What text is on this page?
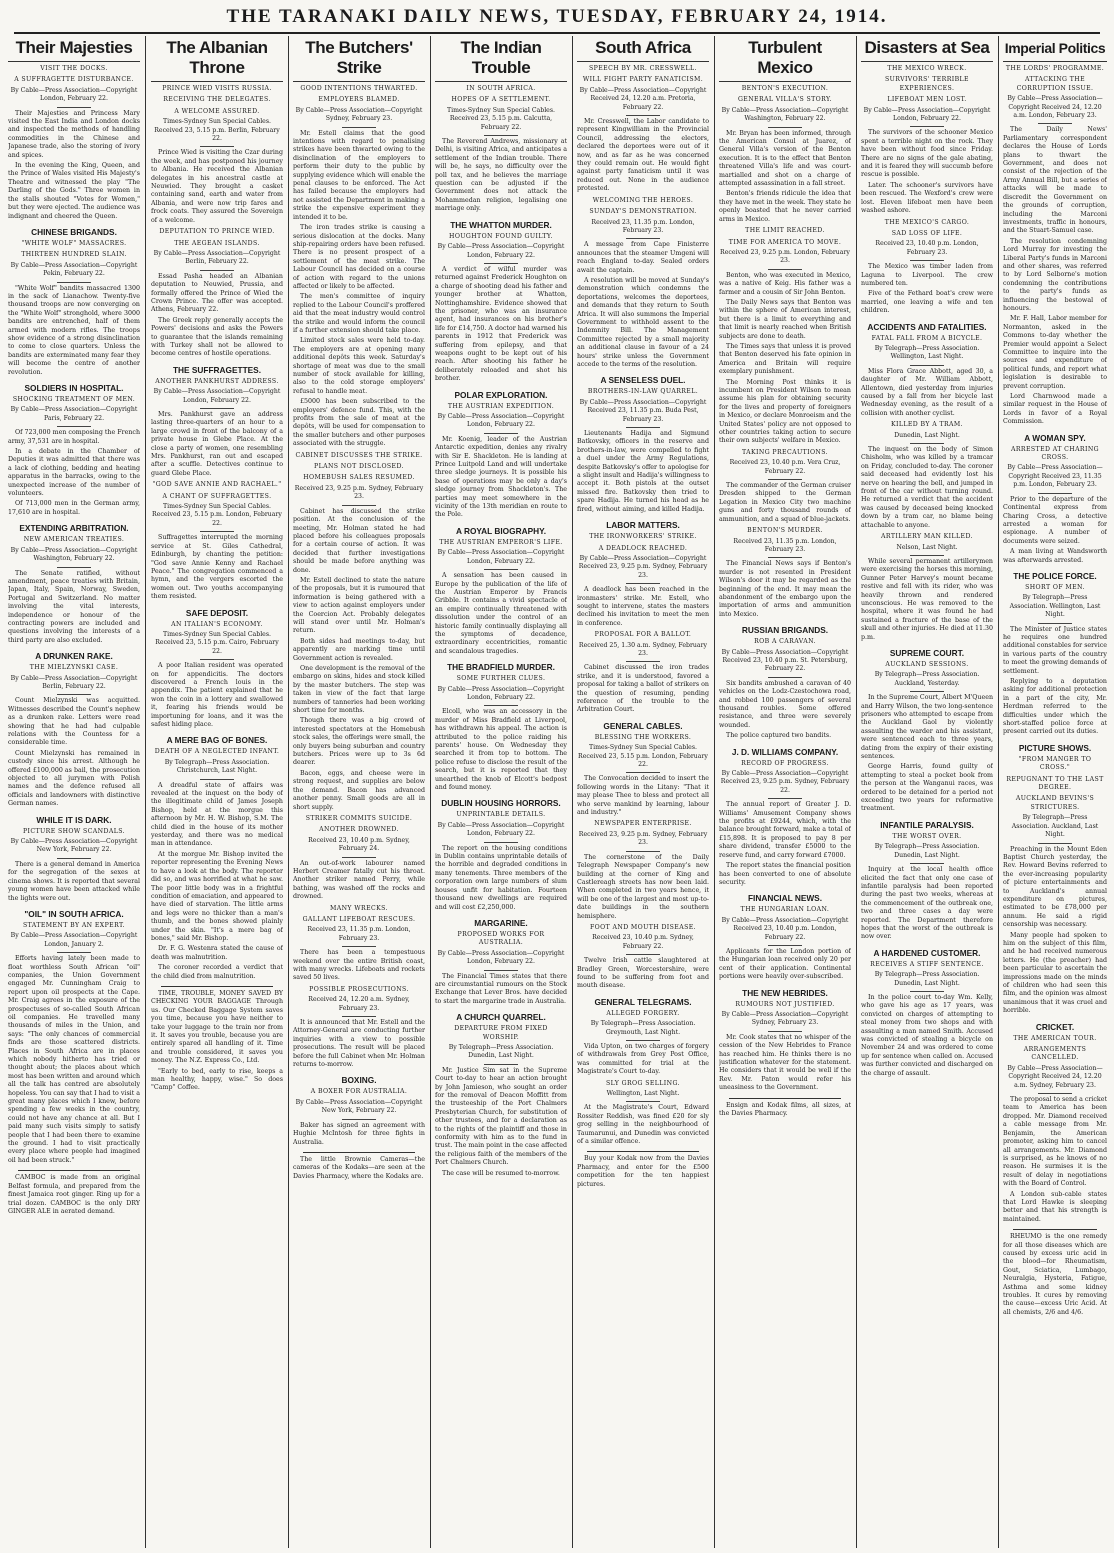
THE TARANAKI DAILY NEWS, TUESDAY, FEBRUARY 24, 1914.
Their Majesties
VISIT THE DOCKS.
A SUFFRAGETTE DISTURBANCE.
By Cable—Press Association—Copyright London, February 22.

Their Majesties and Princess Mary visited the East India and London docks and inspected the methods of handling commodities in the Chinese and Japanese trade, also the storing of ivory and spices.

In the evening the King, Queen, and the Prince of Wales visited His Majesty's Theatre and witnessed the play "The Darling of the Gods." Three women in the stalls shouted "Votes for Women," but they were ejected. The audience was indignant and cheered the Queen.

CHINESE BRIGANDS.
"WHITE WOLF" MASSACRES.
THIRTEEN HUNDRED SLAIN.
By Cable—Press Association—Copyright Pekin, February 22.

"White Wolf" bandits massacred 1300 in the sack of Lianachow. Twenty-five thousand troops are now converging on the "White Wolf" stronghold, where 3000 bandits are entrenched, half of them armed with modern rifles. The troops show evidence of a strong disinclination to come to close quarters. Unless the bandits are exterminated many fear they will become the centre of another revolution.

SOLDIERS IN HOSPITAL.
SHOCKING TREATMENT OF MEN.
By Cable—Press Association—Copyright Paris, February 22.

Of 723,000 men composing the French army, 37,531 are in hospital.

In a debate in the Chamber of Deputies it was admitted that there was a lack of clothing, bedding and heating apparatus in the barracks, owing to the unexpected increase of the number of volunteers.

Of 713,000 men in the German army, 17,610 are in hospital.

EXTENDING ARBITRATION.
NEW AMERICAN TREATIES.
By Cable—Press Association—Copyright Washington, February 22.

The Senate ratified, without amendment, peace treaties with Britain, Japan, Italy, Spain, Norway, Sweden, Portugal and Switzerland. No matter involving the vital interests, independence or honour of the contracting powers are included and questions involving the interests of a third party are also excluded.

A DRUNKEN RAKE.
THE MIELZYNSKI CASE.
By Cable—Press Association—Copyright Berlin, February 22.

Count Mielzynski was acquitted. Witnesses described the Count's nephew as a drunken rake. Letters were read showing that he had had culpable relations with the Countess for a considerable time.

Count Mielzynski has remained in custody since his arrest. Although he offered £100,000 as bail, the prosecution objected to all jurymen with Polish names and the defence refused all officials and landowners with distinctive German names.

WHILE IT IS DARK.
PICTURE SHOW SCANDALS.
By Cable—Press Association—Copyright New York, February 22.

There is a general demand in America for the segregation of the sexes at cinema shows. It is reported that several young women have been attacked while the lights were out.

"OIL" IN SOUTH AFRICA.
STATEMENT BY AN EXPERT.
By Cable—Press Association—Copyright London, January 2.

Efforts having lately been made to float worthless South African "oil" companies, the Union Government engaged Mr. Cunningham Craig to report upon oil prospects at the Cape. Mr. Craig agrees in the exposure of the prospectuses of so-called South African oil companies. He travelled many thousands of miles in the Union, and says: "The only chances of commercial finds are those scattered districts. Places in South Africa are in places which nobody hitherto has tried or thought about; the places about which most has been written and around which all the talk has centred are absolutely hopeless. You can say that I had to visit a great many places which I knew, before spending a few weeks in the country, could not have any chance at all. But I paid many such visits simply to satisfy people that I had been there to examine the ground. I had to visit practically every place where people had imagined oil had been struck."

CAMBOC is made from an original Belfast formula, and prepared from the finest Jamaica root ginger. Ring up for a trial dozen. CAMBOC is the only DRY GINGER ALE in aerated demand.

The Albanian Throne
PRINCE WIED VISITS RUSSIA.
RECEIVING THE DELEGATES.
A WELCOME ASSURED.
Times-Sydney Sun Special Cables. Received 23, 5.15 p.m. Berlin, February 22.

Prince Wied is visiting the Czar during the week, and has postponed his journey to Albania. He received the Albanian delegates in his ancestral castle at Neuwied. They brought a casket containing sand, earth and water from Albania, and were now trip fares and frock coats. They assured the Sovereign of a welcome.

DEPUTATION TO PRINCE WIED.
THE AEGEAN ISLANDS.
By Cable—Press Association—Copyright Berlin, February 22.

Essad Pasha headed an Albanian deputation to Neuwied, Prussia, and formally offered the Prince of Wied the Crown Prince. The offer was accepted. Athens, February 22.

The Greek reply generally accepts the Powers' decisions and asks the Powers to guarantee that the islands remaining with Turkey shall not be allowed to become centres of hostile operations.

THE SUFFRAGETTES.
ANOTHER PANKHURST ADDRESS.
By Cable—Press Association—Copyright London, February 22.

Mrs. Pankhurst gave an address lasting three-quarters of an hour to a large crowd in front of the balcony of a private house in Glebe Place. At the close a party of women, one resembling Mrs. Pankhurst, ran out and escaped after a scuffle. Detectives continue to guard Glebe Place.

"GOD SAVE ANNIE AND RACHAEL."
A CHANT OF SUFFRAGETTES.
Times-Sydney Sun Special Cables. Received 23, 5.15 p.m. London, February 22.

Suffragettes interrupted the morning service at St. Giles Cathedral, Edinburgh, by chanting the petition: "God save Annie Kenny and Rachael Peace." The congregation commenced a hymn, and the vergers escorted the women out. Two youths accompanying them resisted.

SAFE DEPOSIT.
AN ITALIAN'S ECONOMY.
Times-Sydney Sun Special Cables. Received 23, 5.15 p.m. Cairo, February 22.

A poor Italian resident was operated on for appendicitis. The doctors discovered a French louis in the appendix. The patient explained that he won the coin in a lottery and swallowed it, fearing his friends would be importuning for loans, and it was the safest hiding place.

A MERE BAG OF BONES.
DEATH OF A NEGLECTED INFANT.
By Telegraph—Press Association. Christchurch, Last Night.

A dreadful state of affairs was revealed at the inquest on the body of the illegitimate child of James Joseph Bishop, held at the morgue this afternoon by Mr. H. W. Bishop, S.M. The child died in the house of its mother yesterday, and there was no medical man in attendance.

At the morgue Mr. Bishop invited the reporter representing the Evening News to have a look at the body. The reporter did so, and was horrified at what he saw. The poor little body was in a frightful condition of emaciation, and appeared to have died of starvation. The little arms and legs were no thicker than a man's thumb, and the bones showed plainly under the skin. "It's a mere bag of bones," said Mr. Bishop.

Dr. F. G. Westenra stated the cause of death was malnutrition.

The coroner recorded a verdict that the child died from malnutrition.

TIME, TROUBLE, MONEY SAVED BY CHECKING YOUR BAGGAGE Through us. Our Checked Baggage System saves you time, because you have neither to take your luggage to the train nor from it. It saves you trouble, because you are entirely spared all handling of it. Time and trouble considered, it saves you money. The N.Z. Express Co., Ltd.

"Early to bed, early to rise, keeps a man healthy, happy, wise." So does "Camp" Coffee.

The Butchers' Strike
GOOD INTENTIONS THWARTED.
EMPLOYERS BLAMED.
By Cable—Press Association—Copyright Sydney, February 23.

Mr. Estell claims that the good intentions with regard to penalising strikes have been thwarted owing to the disinclination of the employers to perform their duty to the public by supplying evidence which will enable the penal clauses to be enforced. The Act has failed because the employers had not assisted the Department in making a strike the expensive experiment they intended it to be.

The iron trades strike is causing a serious dislocation at the docks. Many ship-repairing orders have been refused. There is no present prospect of a settlement of the meat strike. The Labour Council has decided on a course of action with regard to the unions affected or likely to be affected.

The men's committee of inquiry replied to the Labour Council's proffered aid that the meat industry would control the strike and would inform the council if a further extension should take place.

Limited stock sales were held to-day. The employers are at opening many additional depôts this week. Saturday's shortage of meat was due to the small number of stock available for killing, also to the cold storage employers' refusal to handle meat.

£5000 has been subscribed to the employers' defence fund. This, with the profits from the sale of meat at the depôts, will be used for compensation to the smaller butchers and other purposes associated with the struggle.

CABINET DISCUSSES THE STRIKE.
PLANS NOT DISCLOSED.
HOMEBUSH SALES RESUMED.
Received 23, 9.25 p.m. Sydney, February 23.

Cabinet has discussed the strike position. At the conclusion of the meeting, Mr. Holman stated he had placed before his colleagues proposals for a certain course of action. It was decided that further investigations should be made before anything was done.

Mr. Estell declined to state the nature of the proposals, but it is rumoured that information is being gathered with a view to action against employers under the Coercion Act. Probably delegates will stand over until Mr. Holman's return.

Both sides had meetings to-day, but apparently are marking time until Government action is revealed.

One development is the removal of the embargo on skins, hides and stock killed by the master butchers. The step was taken in view of the fact that large numbers of tanneries had been working short time for months.

Though there was a big crowd of interested spectators at the Homebush stock sales, the offerings were small, the only buyers being suburban and country butchers. Prices were up to 3s 6d dearer.

Bacon, eggs, and cheese were in strong request, and supplies are below the demand. Bacon has advanced another penny. Small goods are all in short supply.

STRIKER COMMITS SUICIDE.
ANOTHER DROWNED.
Received 23, 10.40 p.m. Sydney, February 24.

An out-of-work labourer named Herbert Creamer fatally cut his throat. Another striker named Perry, while bathing, was washed off the rocks and drowned.

MANY WRECKS.
GALLANT LIFEBOAT RESCUES.
Received 23, 11.35 p.m. London, February 23.

There has been a tempestuous weekend over the entire British coast, with many wrecks. Lifeboats and rockets saved 50 lives.

POSSIBLE PROSECUTIONS.
Received 24, 12.20 a.m. Sydney, February 23.

It is announced that Mr. Estell and the Attorney-General are conducting further inquiries with a view to possible prosecutions. The result will be placed before the full Cabinet when Mr. Holman returns to-morrow.

BOXING.
A BOXER FOR AUSTRALIA.
By Cable—Press Association—Copyright New York, February 22.

Baker has signed an agreement with Hughie McIntosh for three fights in Australia.

The little Brownie Cameras—the cameras of the Kodaks—are seen at the Davies Pharmacy, where the Kodaks are.

The Indian Trouble
IN SOUTH AFRICA.
HOPES OF A SETTLEMENT.
Times-Sydney Sun Special Cables. Received 23, 5.15 p.m. Calcutta, February 22.

The Reverend Andrews, missionary at Delhi, is visiting Africa, and anticipates a settlement of the Indian trouble. There will be, he says, no difficulty over the poll tax, and he believes the marriage question can be adjusted if the Government does not attack the Mohammedan religion, legalising one marriage only.

THE WHATTON MURDER.
HOUGHTON FOUND GUILTY.
By Cable—Press Association—Copyright London, February 22.

A verdict of wilful murder was returned against Frederick Houghton on a charge of shooting dead his father and younger brother at Whatton, Nottinghamshire. Evidence showed that the prisoner, who was an insurance agent, had insurances on his brother's life for £14,750. A doctor had warned his parents in 1912 that Frederick was suffering from epilepsy, and that weapons ought to be kept out of his reach. After shooting his father he deliberately reloaded and shot his brother.

POLAR EXPLORATION.
THE AUSTRIAN EXPEDITION.
By Cable—Press Association—Copyright London, February 22.

Mr. Koenig, leader of the Austrian Antarctic expedition, denies any rivalry with Sir E. Shackleton. He is landing at Prince Luitpold Land and will undertake three sledge journeys. It is possible his base of operations may be only a day's sledge journey from Shackleton's. The parties may meet somewhere in the vicinity of the 13th meridian en route to the Pole.

A ROYAL BIOGRAPHY.
THE AUSTRIAN EMPEROR'S LIFE.
By Cable—Press Association—Copyright London, February 22.

A sensation has been caused in Europe by the publication of the life of the Austrian Emperor by Francis Gribble. It contains a vivid spectacle of an empire continually threatened with dissolution under the control of an historic family continually displaying all the symptoms of decadence, extraordinary eccentricities, romantic and scandalous tragedies.

THE BRADFIELD MURDER.
SOME FURTHER CLUES.
By Cable—Press Association—Copyright London, February 22.

Elcoll, who was an accessory in the murder of Miss Bradfield at Liverpool, has withdrawn his appeal. The action is attributed to the police raiding his parents' house. On Wednesday they searched it from top to bottom. The police refuse to disclose the result of the search, but it is reported that they unearthed the knob of Elcott's bedpost and found money.

DUBLIN HOUSING HORRORS.
UNPRINTABLE DETAILS.
By Cable—Press Association—Copyright London, February 22.

The report on the housing conditions in Dublin contains unprintable details of the horrible and degraded conditions in many tenements. Three members of the corporation own large numbers of slum houses unfit for habitation. Fourteen thousand new dwellings are required and will cost £2,250,000.

MARGARINE.
PROPOSED WORKS FOR AUSTRALIA.
By Cable—Press Association—Copyright London, February 22.

The Financial Times states that there are circumstantial rumours on the Stock Exchange that Lever Bros. have decided to start the margarine trade in Australia.

A CHURCH QUARREL.
DEPARTURE FROM FIXED WORSHIP.
By Telegraph—Press Association. Dunedin, Last Night.

Mr. Justice Sim sat in the Supreme Court to-day to hear an action brought by John Jamieson, who sought an order for the removal of Deacon Moffitt from the trusteeship of the Port Chalmers Presbyterian Church, for substitution of other trustees, and for a declaration as to the rights of the plaintiff and those in conformity with him as to the fund in trust. The main point in the case affected the religious faith of the members of the Port Chalmers Church.

The case will be resumed to-morrow.

South Africa
SPEECH BY MR. CRESSWELL.
WILL FIGHT PARTY FANATICISM.
By Cable—Press Association—Copyright Received 24, 12.20 a.m. Pretoria, February 22.

Mr. Cresswell, the Labor candidate to represent Kingwilliam in the Provincial Council, addressing the electors, declared the deportees were out of it now, and as far as he was concerned they could remain out. He would fight against party fanaticism until it was reduced out. None in the audience protested.

WELCOMING THE HEROES.
SUNDAY'S DEMONSTRATION.
Received 23, 11.35 p.m. London, February 23.

A message from Cape Finisterre announces that the steamer Umgeni will reach England to-day. Sealed orders await the captain.

A resolution will be moved at Sunday's demonstration which condemns the deportations, welcomes the deportees, and demands that they return to South Africa. It will also summons the Imperial Government to withhold assent to the Indemnity Bill. The Management Committee rejected by a small majority an additional clause in favour of a 24 hours' strike unless the Government accede to the terms of the resolution.

A SENSELESS DUEL.
BROTHERS-IN-LAW QUARREL.
By Cable—Press Association—Copyright Received 23, 11.35 p.m. Buda Pest, February 23.

Lieutenants Hadija and Sigmund Batkovsky, officers in the reserve and brothers-in-law, were compelled to fight a duel under the Army Regulations, despite Batkovsky's offer to apologise for a slight insult and Hadija's willingness to accept it. Both pistols at the outset missed fire. Batkovsky then tried to spare Hadija. He turned his head as he fired, without aiming, and killed Hadija.

LABOR MATTERS.
THE IRONWORKERS' STRIKE.
A DEADLOCK REACHED.
By Cable—Press Association—Copyright Received 23, 9.25 p.m. Sydney, February 23.

A deadlock has been reached in the ironmasters' strike. Mr. Estell, who sought to intervene, states the masters declined his invitation to meet the men in conference.

PROPOSAL FOR A BALLOT.
Received 25, 1.30 a.m. Sydney, February 23.

Cabinet discussed the iron trades strike, and it is understood, favored a proposal for taking a ballot of strikers on the question of resuming, pending reference of the trouble to the Arbitration Court.

GENERAL CABLES.
BLESSING THE WORKERS.
Times-Sydney Sun Special Cables. Received 23, 5.15 p.m. London, February 22.

The Convocation decided to insert the following words in the Litany: "That it may please Thee to bless and protect all who serve mankind by learning, labour and industry."

NEWSPAPER ENTERPRISE.
Received 23, 9.25 p.m. Sydney, February 23.

The cornerstone of the Daily Telegraph Newspaper Company's new building at the corner of King and Castlereagh streets has now been laid. When completed in two years hence, it will be one of the largest and most up-to-date buildings in the southern hemisphere.

FOOT AND MOUTH DISEASE.
Received 23, 10.40 p.m. Sydney, February 22.

Twelve Irish cattle slaughtered at Bradley Green, Worcestershire, were found to be suffering from foot and mouth disease.

GENERAL TELEGRAMS.
ALLEGED FORGERY.
By Telegraph—Press Association. Greymouth, Last Night.

Vida Upton, on two charges of forgery of withdrawals from Grey Post Office, was committed for trial at the Magistrate's Court to-day.

SLY GROG SELLING.
Wellington, Last Night.

At the Magistrate's Court, Edward Rossiter Reddish, was fined £20 for sly grog selling in the neighbourhood of Taumarunui, and Dunedin was convicted of a similar offence.

Buy your Kodak now from the Davies Pharmacy, and enter for the £500 competition for the ten happiest pictures.

Turbulent Mexico
BENTON'S EXECUTION.
GENERAL VILLA'S STORY.
By Cable—Press Association—Copyright Washington, February 22.

Mr. Bryan has been informed, through the American Consul at Juarez, of General Villa's version of the Benton execution. It is to the effect that Benton threatened Villa's life and was court-martialled and shot on a charge of attempted assassination in a fall street.

Benton's friends ridicule the idea that they have met in the week. They state he openly boasted that he never carried arms in Mexico.

THE LIMIT REACHED.
TIME FOR AMERICA TO MOVE.
Received 23, 9.25 p.m. London, February 23.

Benton, who was executed in Mexico, was a native of Keig. His father was a farmer and a cousin of Sir John Benton.

The Daily News says that Benton was within the sphere of American interest, but there is a limit to everything and that limit is nearly reached when British subjects are done to death.

The Times says that unless it is proved that Benton deserved his fate opinion in America and Britain will require exemplary punishment.

The Morning Post thinks it is incumbent on President Wilson to mean assume his plan for obtaining security for the lives and property of foreigners in Mexico, or declare Monroeism and the United States' policy are not opposed to other countries taking action to secure their own subjects' welfare in Mexico.

TAKING PRECAUTIONS.
Received 23, 10.40 p.m. Vera Cruz, February 22.

The commander of the German cruiser Dresden shipped to the German Legation in Mexico City two machine guns and forty thousand rounds of ammunition, and a squad of blue-jackets.

BENTON'S MURDER.
Received 23, 11.35 p.m. London, February 23.

The Financial News says if Benton's murder is not resented in President Wilson's door it may be regarded as the beginning of the end. It may mean the abandonment of the embargo upon the importation of arms and ammunition into Mexico.

RUSSIAN BRIGANDS.
ROB A CARAVAN.
By Cable—Press Association—Copyright Received 23, 10.40 p.m. St. Petersburg, February 22.

Six bandits ambushed a caravan of 40 vehicles on the Lodz-Czestochowa road, and robbed 100 passengers of several thousand roubles. Some offered resistance, and three were severely wounded.

The police captured two bandits.

J. D. WILLIAMS COMPANY.
RECORD OF PROGRESS.
By Cable—Press Association—Copyright Received 23, 9.25 p.m. Sydney, February 22.

The annual report of Greater J. D. Williams' Amusement Company shows the profits at £9244, which, with the balance brought forward, make a total of £15,898. It is proposed to pay 8 per share dividend, transfer £5000 to the reserve fund, and carry forward £7000.

The report states the financial position has been converted to one of absolute security.

FINANCIAL NEWS.
THE HUNGARIAN LOAN.
By Cable—Press Association—Copyright Received 23, 10.40 p.m. London, February 22.

Applicants for the London portion of the Hungarian loan received only 20 per cent of their application. Continental portions were heavily over-subscribed.

THE NEW HEBRIDES.
RUMOURS NOT JUSTIFIED.
By Cable—Press Association—Copyright Sydney, February 23.

Mr. Cook states that no whisper of the cession of the New Hebrides to France has reached him. He thinks there is no justification whatever for the statement. He considers that it would be well if the Rev. Mr. Paton would refer his uneasiness to the Government.

Ensign and Kodak films, all sizes, at the Davies Pharmacy.

Disasters at Sea
THE MEXICO WRECK.
SURVIVORS' TERRIBLE EXPERIENCES.
LIFEBOAT MEN LOST.
By Cable—Press Association—Copyright London, February 22.

The survivors of the schooner Mexico spent a terrible night on the rock. They have been without food since Friday. There are no signs of the gale abating, and it is feared they will succumb before rescue is possible.

Later. The schooner's survivors have been rescued. The Wexford's crew were lost. Eleven lifeboat men have been washed ashore.

THE MEXICO'S CARGO.
SAD LOSS OF LIFE.
Received 23, 10.40 p.m. London, February 23.

The Mexico was timber laden from Laguna to Liverpool. The crew numbered ten.

Five of the Fethard boat's crew were married, one leaving a wife and ten children.

ACCIDENTS AND FATALITIES.
FATAL FALL FROM A BICYCLE.
By Telegraph—Press Association. Wellington, Last Night.

Miss Flora Grace Abbott, aged 30, a daughter of Mr. William Abbott, Allentown, died yesterday from injuries caused by a fall from her bicycle last Wednesday evening, as the result of a collision with another cyclist.

KILLED BY A TRAM.
Dunedin, Last Night.

The inquest on the body of Simon Chisholm, who was killed by a tramcar on Friday, concluded to-day. The coroner said deceased had evidently lost his nerve on hearing the bell, and jumped in front of the car without turning round. He returned a verdict that the accident was caused by deceased being knocked down by a tram car, no blame being attachable to anyone.

ARTILLERY MAN KILLED.
Nelson, Last Night.

While several permanent artillerymen were exercising the horses this morning, Gunner Peter Harvey's mount became restive and fell with its rider, who was heavily thrown and rendered unconscious. He was removed to the hospital, where it was found he had sustained a fracture of the base of the skull and other injuries. He died at 11.30 p.m.

SUPREME COURT.
AUCKLAND SESSIONS.
By Telegraph—Press Association. Auckland, Yesterday.

In the Supreme Court, Albert M'Queen and Harry Wilson, the two long-sentence prisoners who attempted to escape from the Auckland Gaol by violently assaulting the warder and his assistant, were sentenced each to three years, dating from the expiry of their existing sentences.

George Harris, found guilty of attempting to steal a pocket book from the person at the Wanganui races, was ordered to be detained for a period not exceeding two years for reformative treatment.

INFANTILE PARALYSIS.
THE WORST OVER.
By Telegraph—Press Association. Dunedin, Last Night.

Inquiry at the local health office elicited the fact that only one case of infantile paralysis had been reported during the past two weeks, whereas at the commencement of the outbreak one, two and three cases a day were reported. The Department therefore hopes that the worst of the outbreak is now over.

A HARDENED CUSTOMER.
RECEIVES A STIFF SENTENCE.
By Telegraph—Press Association. Dunedin, Last Night.

In the police court to-day Wm. Kelly, who gave his age as 17 years, was convicted on charges of attempting to steal money from two shops and with assaulting a man named Smith. Accused was convicted of stealing a bicycle on November 24 and was ordered to come up for sentence when called on. Accused was further convicted and discharged on the charge of assault.

Imperial Politics
THE LORDS' PROGRAMME.
ATTACKING THE CORRUPTION ISSUE.
By Cable—Press Association—Copyright Received 24, 12.20 a.m. London, February 23.

The Daily News' Parliamentary correspondent declares the House of Lords plans to thwart the Government, and does not consist of the rejection of the Army Annual Bill, but a series of attacks will be made to discredit the Government on the grounds of corruption, including the Marconi investments, traffic in honours, and the Stuart-Samuel case.

The resolution condemning Lord Murray for investing the Liberal Party's funds in Marconi and other shares, was referred to by Lord Selborne's motion condemning the contributions to the party's funds as influencing the bestowal of honours.

Mr. F. Hall, Labor member for Normanton, asked in the Commons to-day whether the Premier would appoint a Select Committee to inquire into the sources and expenditure of political funds, and report what legislation is desirable to prevent corruption.

Lord Charnwood made a similar request in the House of Lords in favor of a Royal Commission.

A WOMAN SPY.
ARRESTED AT CHARING CROSS.
By Cable—Press Association—Copyright Received 23, 11.35 p.m. London, February 23.

Prior to the departure of the Continental express from Charing Cross, a detective arrested a woman for espionage. A number of documents were seized.

A man living at Wandsworth was afterwards arrested.

THE POLICE FORCE.
SHORT OF MEN.
By Telegraph—Press Association. Wellington, Last Night.

The Minister of Justice states he requires one hundred additional constables for service in various parts of the country to meet the growing demands of settlement.

Replying to a deputation asking for additional protection in a part of the city, Mr. Herdman referred to the difficulties under which the short-staffed police force at present carried out its duties.

PICTURE SHOWS.
"FROM MANGER TO CROSS."
REPUGNANT TO THE LAST DEGREE.
AUCKLAND BEVINS'S STRICTURES.
By Telegraph—Press Association. Auckland, Last Night.

Preaching in the Mount Eden Baptist Church yesterday, the Rev. Howard Bevins referred to the ever-increasing popularity of picture entertainments and to Auckland's annual expenditure on pictures, estimated to be £78,000 per annum. He said a rigid censorship was necessary.

Many people had spoken to him on the subject of this film, and he had received numerous letters. He (the preacher) had been particular to ascertain the impressions made on the minds of children who had seen this film, and the opinion was almost unanimous that it was cruel and horrible.

CRICKET.
THE AMERICAN TOUR.
ARRANGEMENTS CANCELLED.
By Cable—Press Association—Copyright Received 24, 12.20 a.m. Sydney, February 23.

The proposal to send a cricket team to America has been dropped. Mr. Diamond received a cable message from Mr. Benjamin, the American promoter, asking him to cancel all arrangements. Mr. Diamond is surprised, as he knows of no reason. He surmises it is the result of delay in negotiations with the Board of Control.

A London sub-cable states that Lord Hawke is sleeping better and that his strength is maintained.

RHEUMO is the one remedy for all those diseases which are caused by excess uric acid in the blood—for Rheumatism, Gout, Sciatica, Lumbago, Neuralgia, Hysteria, Fatigue, Asthma and some kidney troubles. It cures by removing the cause—excess Uric Acid. At all chemists, 2/6 and 4/6.
